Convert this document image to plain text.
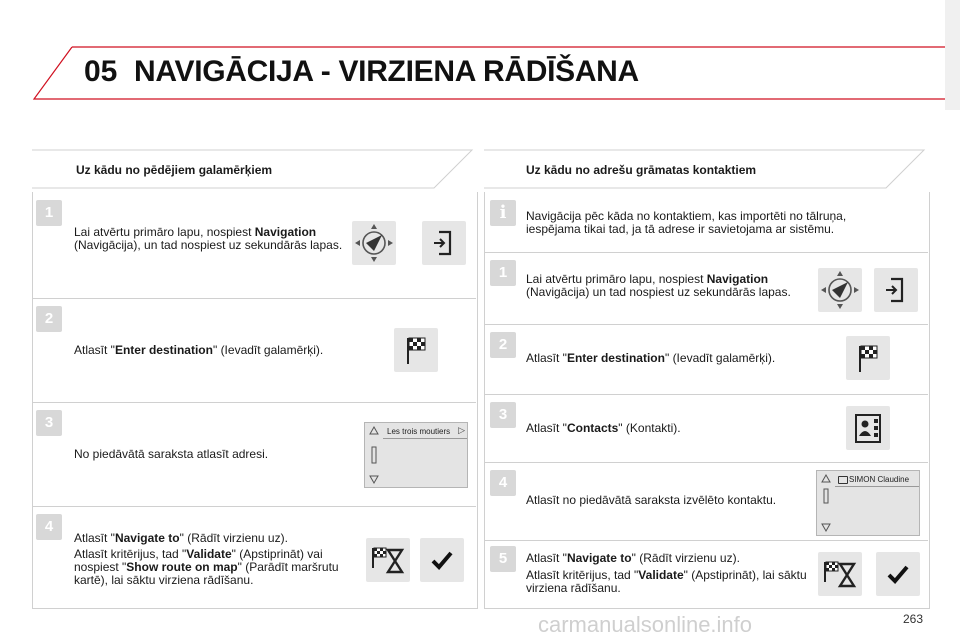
05 NAVIGĀCIJA - VIRZIENA RĀDĪŠANA
Uz kādu no pēdējiem galamērķiem
1
Lai atvērtu primāro lapu, nospiest Navigation (Navigācija), un tad nospiest uz sekundārās lapas.
2
Atlasīt "Enter destination" (Ievadīt galamērķi).
3
No piedāvātā saraksta atlasīt adresi.
Les trois moutiers ▷
4
Atlasīt "Navigate to" (Rādīt virzienu uz).
Atlasīt kritērijus, tad "Validate" (Apstiprināt) vai nospiest "Show route on map" (Parādīt maršrutu kartē), lai sāktu virziena rādīšanu.
Uz kādu no adrešu grāmatas kontaktiem
i	Navigācija pēc kāda no kontaktiem, kas importēti no tālruņa, iespējama tikai tad, ja tā adrese ir savietojama ar sistēmu.
1	Lai atvērtu primāro lapu, nospiest Navigation (Navigācija) un tad nospiest uz sekundārās lapas.
2
Atlasīt "Enter destination" (Ievadīt galamērķi).
3
Atlasīt "Contacts" (Kontakti).
4
Atlasīt no piedāvātā saraksta izvēlēto kontaktu.
SIMON Claudine
5	Atlasīt "Navigate to" (Rādīt virzienu uz).
Atlasīt kritērijus, tad "Validate" (Apstiprināt), lai sāktu virziena rādīšanu.
carmanualsonline.info	263
